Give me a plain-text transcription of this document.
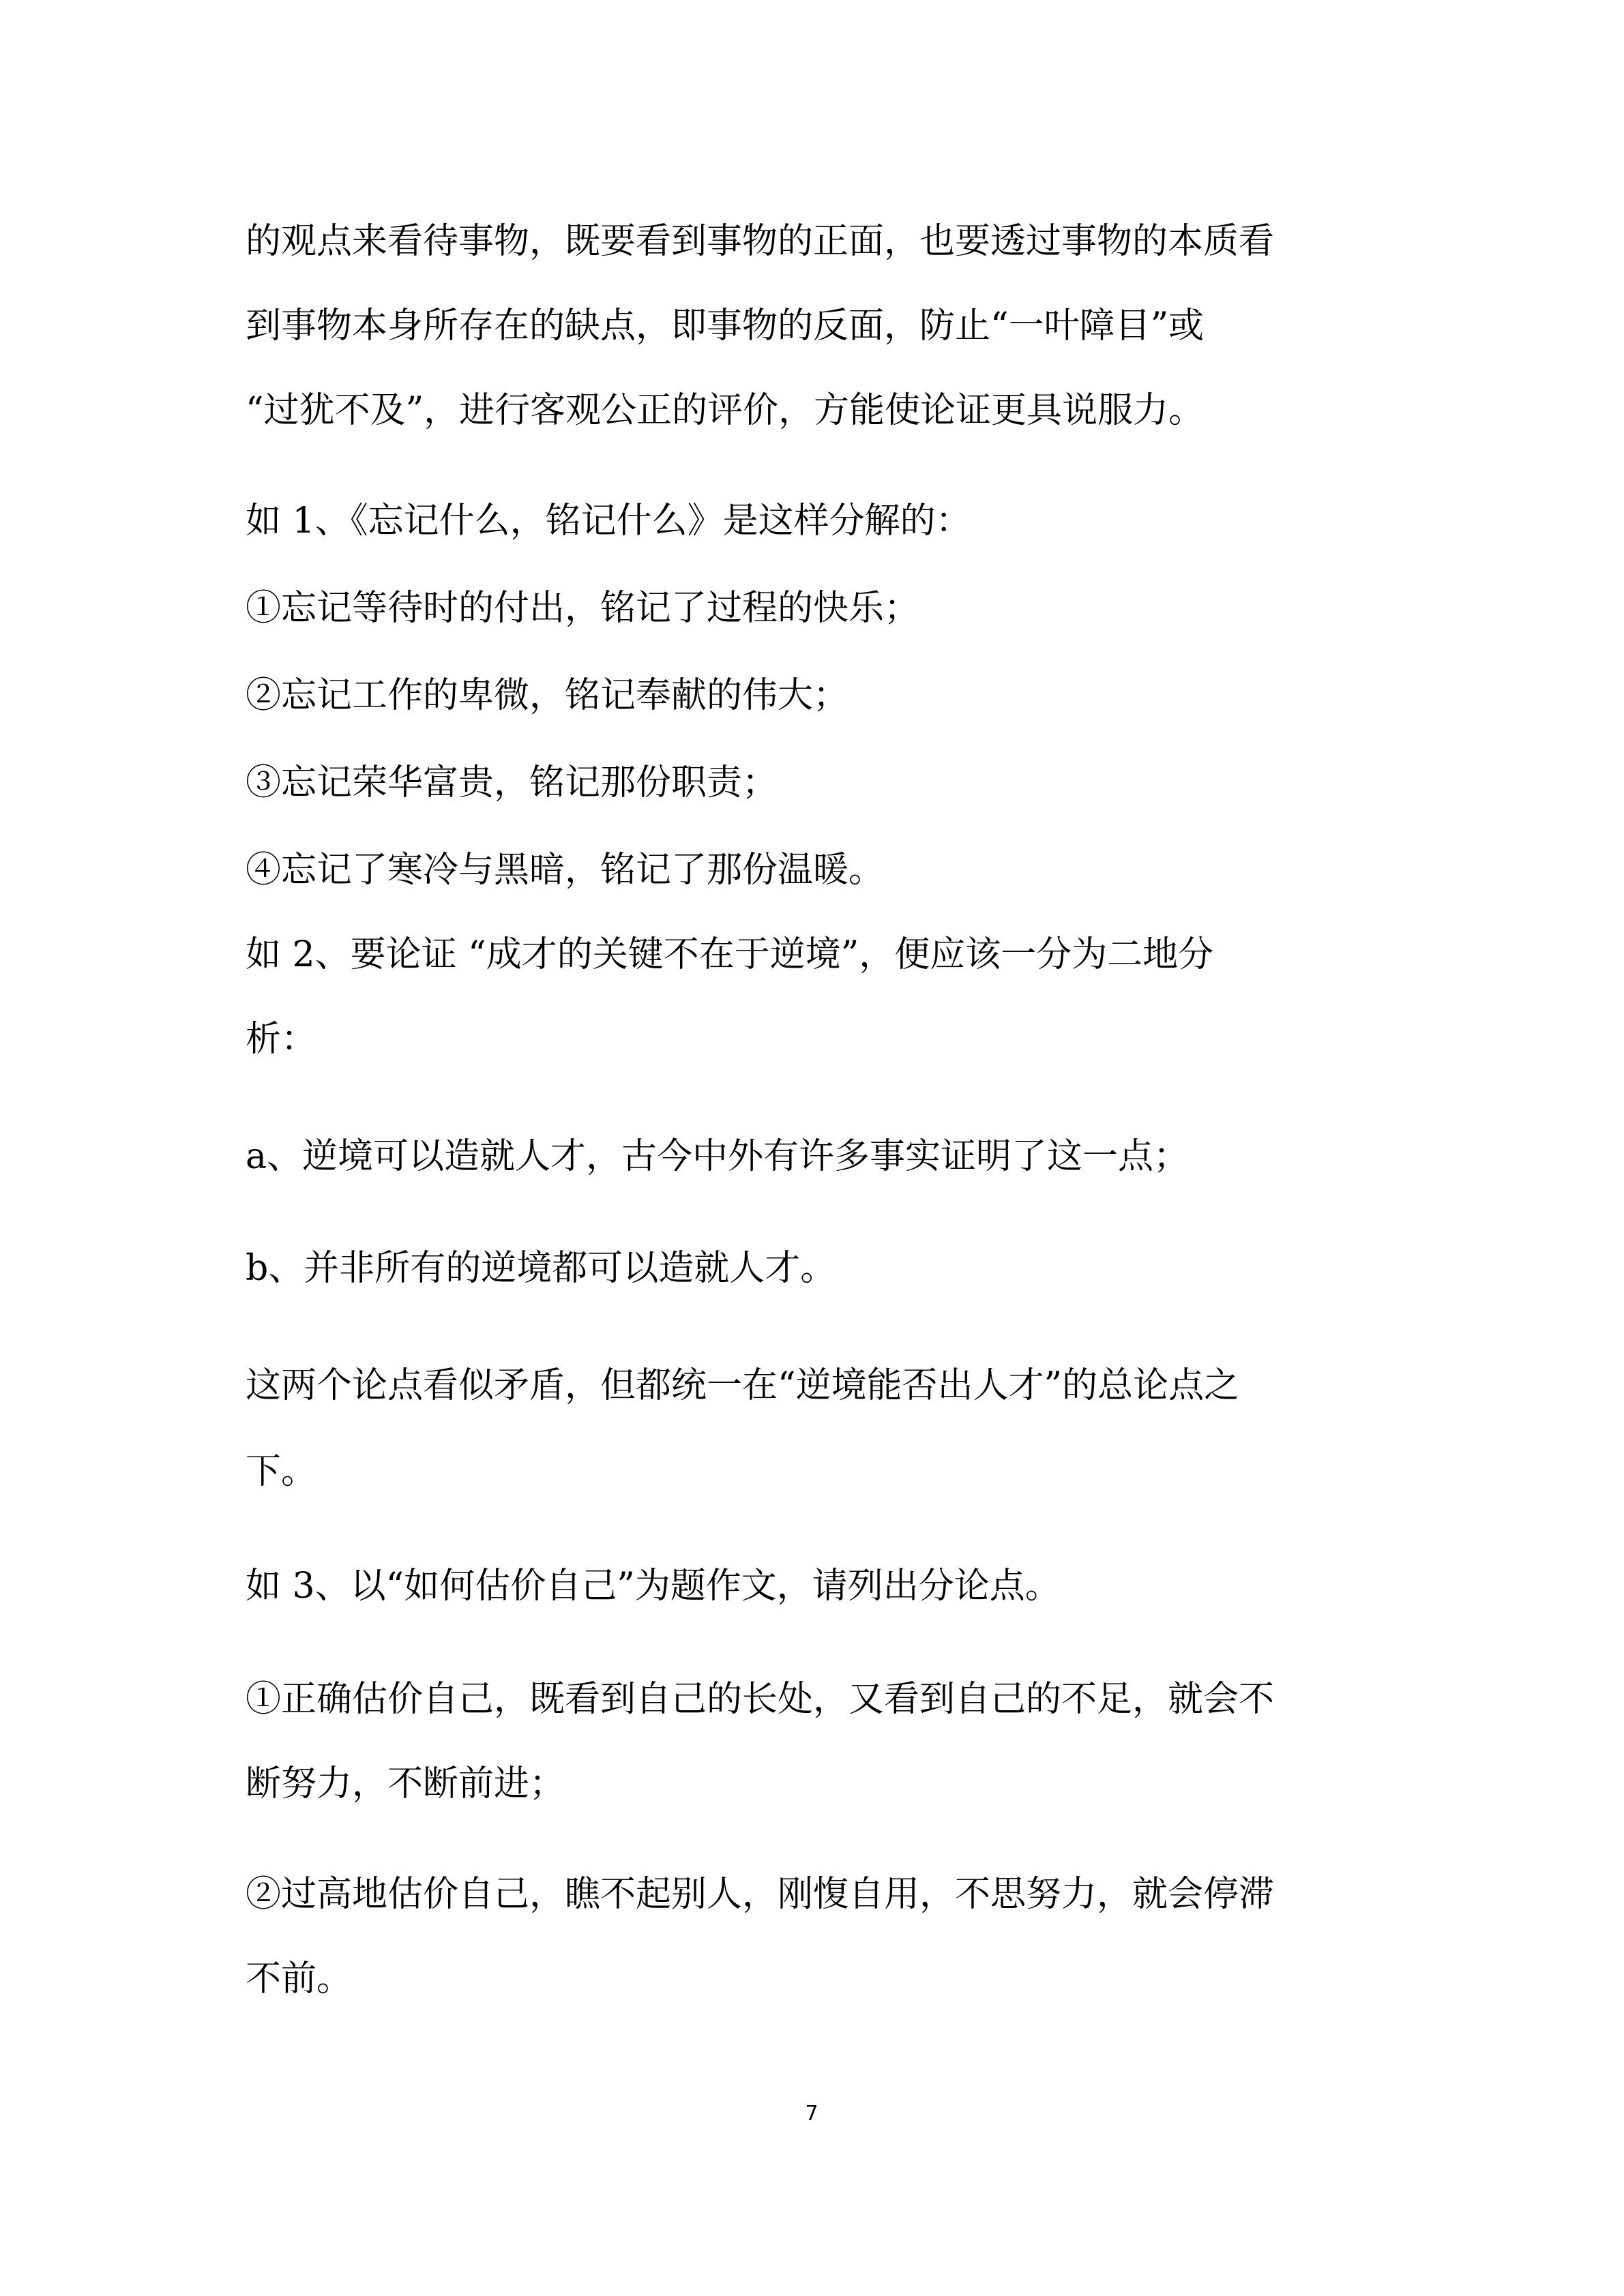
的观点来看待事物，既要看到事物的正面，也要透过事物的本质看
到事物本身所存在的缺点，即事物的反面，防止“一叶障目”或
“过犹不及”，进行客观公正的评价，方能使论证更具说服力。
如 1、《忘记什么，铭记什么》是这样分解的：
①忘记等待时的付出，铭记了过程的快乐；
②忘记工作的卑微，铭记奉献的伟大；
③忘记荣华富贵，铭记那份职责；
④忘记了寒冷与黑暗，铭记了那份温暖。
如 2、要论证 “成才的关键不在于逆境”，便应该一分为二地分
析：
a、逆境可以造就人才，古今中外有许多事实证明了这一点；
b、并非所有的逆境都可以造就人才。
这两个论点看似矛盾，但都统一在“逆境能否出人才”的总论点之
下。
如 3、以“如何估价自己”为题作文，请列出分论点。
①正确估价自己，既看到自己的长处，又看到自己的不足，就会不
断努力，不断前进；
②过高地估价自己，瞧不起别人，刚愎自用，不思努力，就会停滞
不前。
7
